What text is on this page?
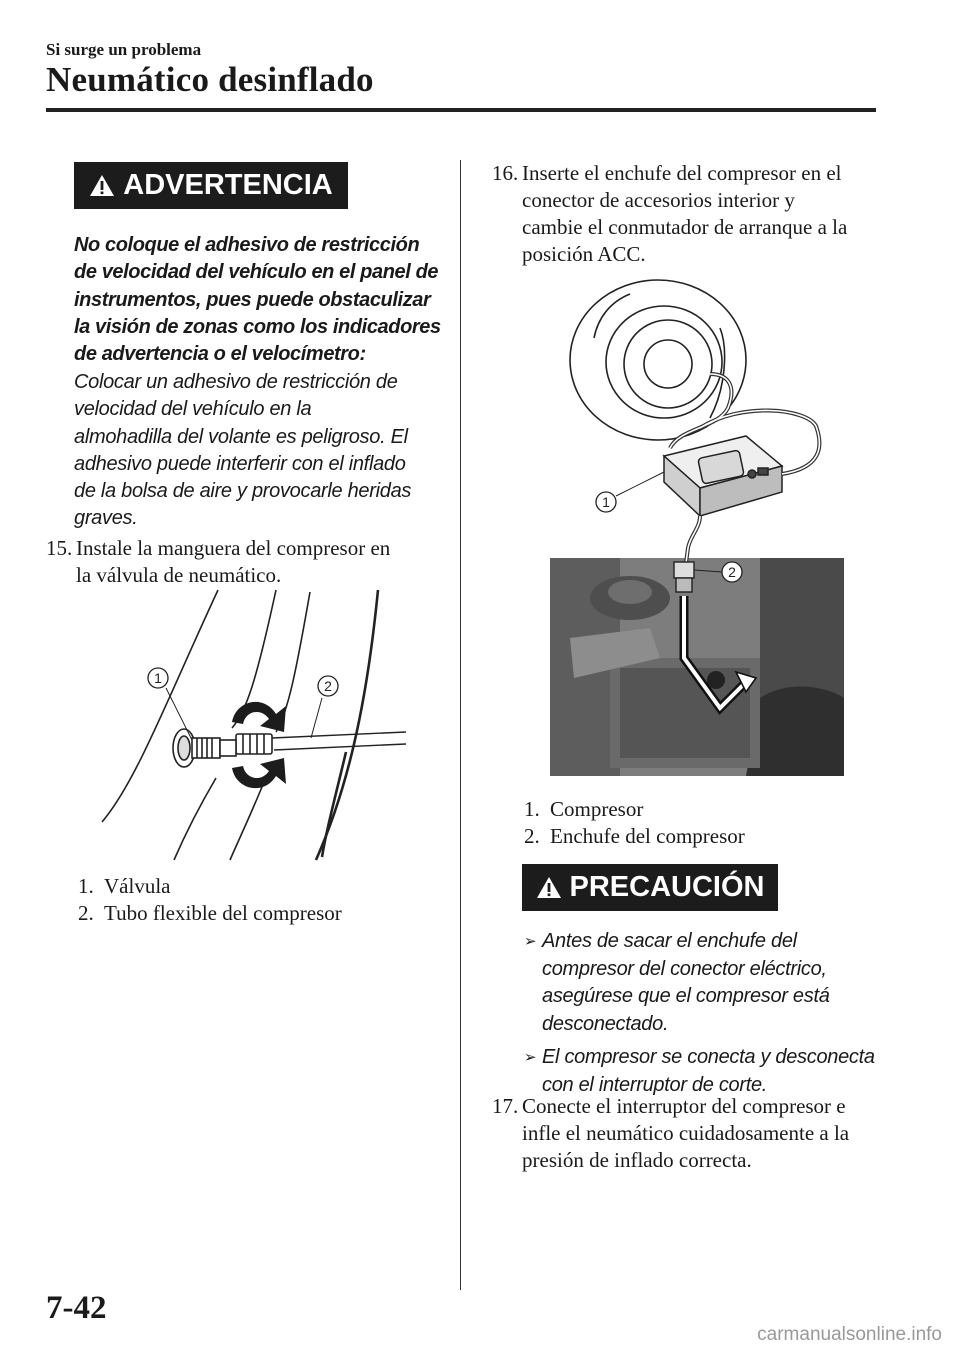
Si surge un problema
Neumático desinflado
ADVERTENCIA
No coloque el adhesivo de restricción
de velocidad del vehículo en el panel de
instrumentos, pues puede obstaculizar
la visión de zonas como los indicadores
de advertencia o el velocímetro:
Colocar un adhesivo de restricción de
velocidad del vehículo en la
almohadilla del volante es peligroso. El
adhesivo puede interferir con el inflado
de la bolsa de aire y provocarle heridas
graves.
15. Instale la manguera del compresor en
la válvula de neumático.
1	2
1. Válvula
2. Tubo flexible del compresor
16. Inserte el enchufe del compresor en el
conector de accesorios interior y
cambie el conmutador de arranque a la
posición ACC.
1
2
1. Compresor
2. Enchufe del compresor
PRECAUCIÓN
➢ Antes de sacar el enchufe del
compresor del conector eléctrico,
asegúrese que el compresor está
desconectado.
➢ El compresor se conecta y desconecta
con el interruptor de corte.
17. Conecte el interruptor del compresor e
infle el neumático cuidadosamente a la
presión de inflado correcta.
7-42
carmanualsonline.info
